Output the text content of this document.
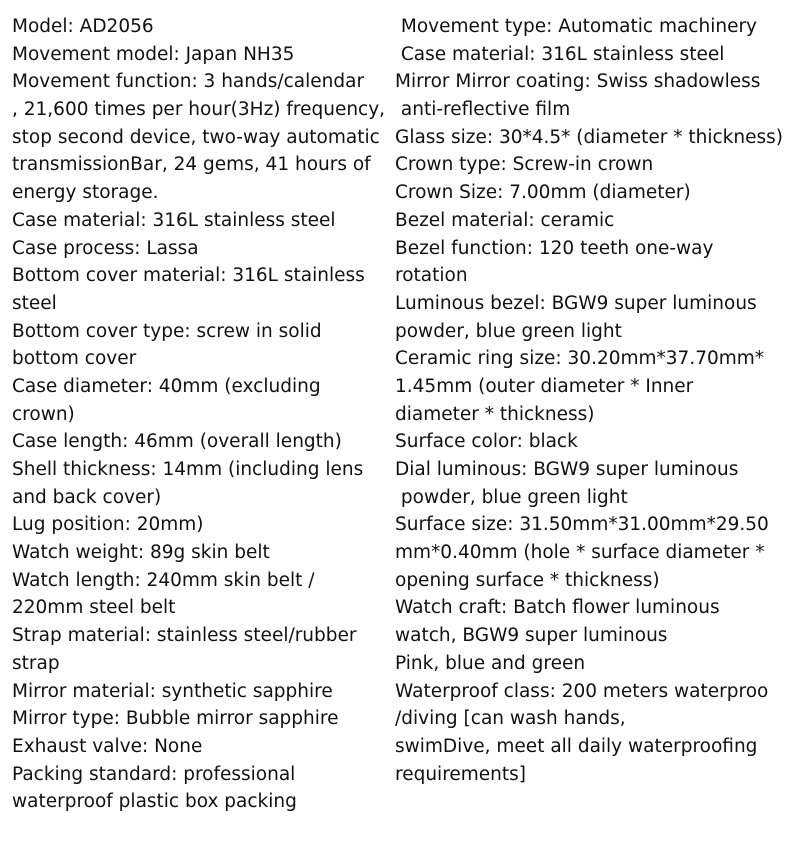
Model: AD2056
Movement model: Japan NH35
Movement function: 3 hands/calendar
, 21,600 times per hour(3Hz) frequency,
stop second device, two-way automatic
transmissionBar, 24 gems, 41 hours of
energy storage.
Case material: 316L stainless steel
Case process: Lassa
Bottom cover material: 316L stainless
steel
Bottom cover type: screw in solid
bottom cover
Case diameter: 40mm (excluding
crown)
Case length: 46mm (overall length)
Shell thickness: 14mm (including lens
and back cover)
Lug position: 20mm)
Watch weight: 89g skin belt
Watch length: 240mm skin belt /
220mm steel belt
Strap material: stainless steel/rubber
strap
Mirror material: synthetic sapphire
Mirror type: Bubble mirror sapphire
Exhaust valve: None
Packing standard: professional
waterproof plastic box packing
Movement type: Automatic machinery
Case material: 316L stainless steel
Mirror Mirror coating: Swiss shadowless
anti-reflective film
Glass size: 30*4.5* (diameter * thickness)
Crown type: Screw-in crown
Crown Size: 7.00mm (diameter)
Bezel material: ceramic
Bezel function: 120 teeth one-way
rotation
Luminous bezel: BGW9 super luminous
powder, blue green light
Ceramic ring size: 30.20mm*37.70mm*
1.45mm (outer diameter * Inner
diameter * thickness)
Surface color: black
Dial luminous: BGW9 super luminous
powder, blue green light
Surface size: 31.50mm*31.00mm*29.50
mm*0.40mm (hole * surface diameter *
opening surface * thickness)
Watch craft: Batch flower luminous
watch, BGW9 super luminous
Pink, blue and green
Waterproof class: 200 meters waterproo
/diving [can wash hands,
swimDive, meet all daily waterproofing
requirements]
